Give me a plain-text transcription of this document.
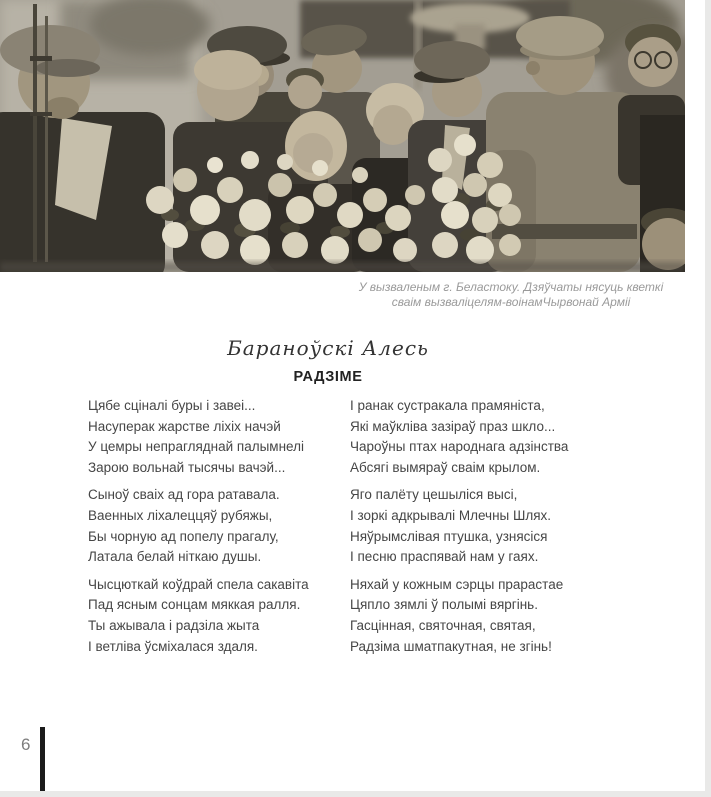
У вызваленым г. Беластоку. Дзяўчаты нясуць кветкі
сваім вызваліцелям-воінамЧырвонай Арміі
Бараноўскі Алесь
РАДЗІМЕ
Цябе сціналі буры і завеі...
Насуперак жарстве ліхіх начэй
У цемры непрагляднай палымнелі
Зарою вольнай тысячы вачэй...
Сыноў сваіх ад гора ратавала.
Ваенных ліхалеццяў рубяжы,
Бы чорную ад попелу прагалу,
Латала белай ніткаю душы.
Чысцюткай коўдрай спела сакавіта
Пад ясным сонцам мяккая ралля.
Ты ажывала і радзіла жыта
І ветліва ўсміхалася здаля.
І ранак сустракала прамяніста,
Які маўкліва зазіраў праз шкло...
Чароўны птах народнага адзінства
Абсягі вымяраў сваім крылом.
Яго палёту цешыліся высі,
І зоркі адкрывалі Млечны Шлях.
Няўрымслівая птушка, узнясіся
І песню праспявай нам у гаях.
Няхай у кожным сэрцы прарастае
Цяпло зямлі ў полымі вяргінь.
Гасцінная, святочная, святая,
Радзіма шматпакутная, не згінь!
6
